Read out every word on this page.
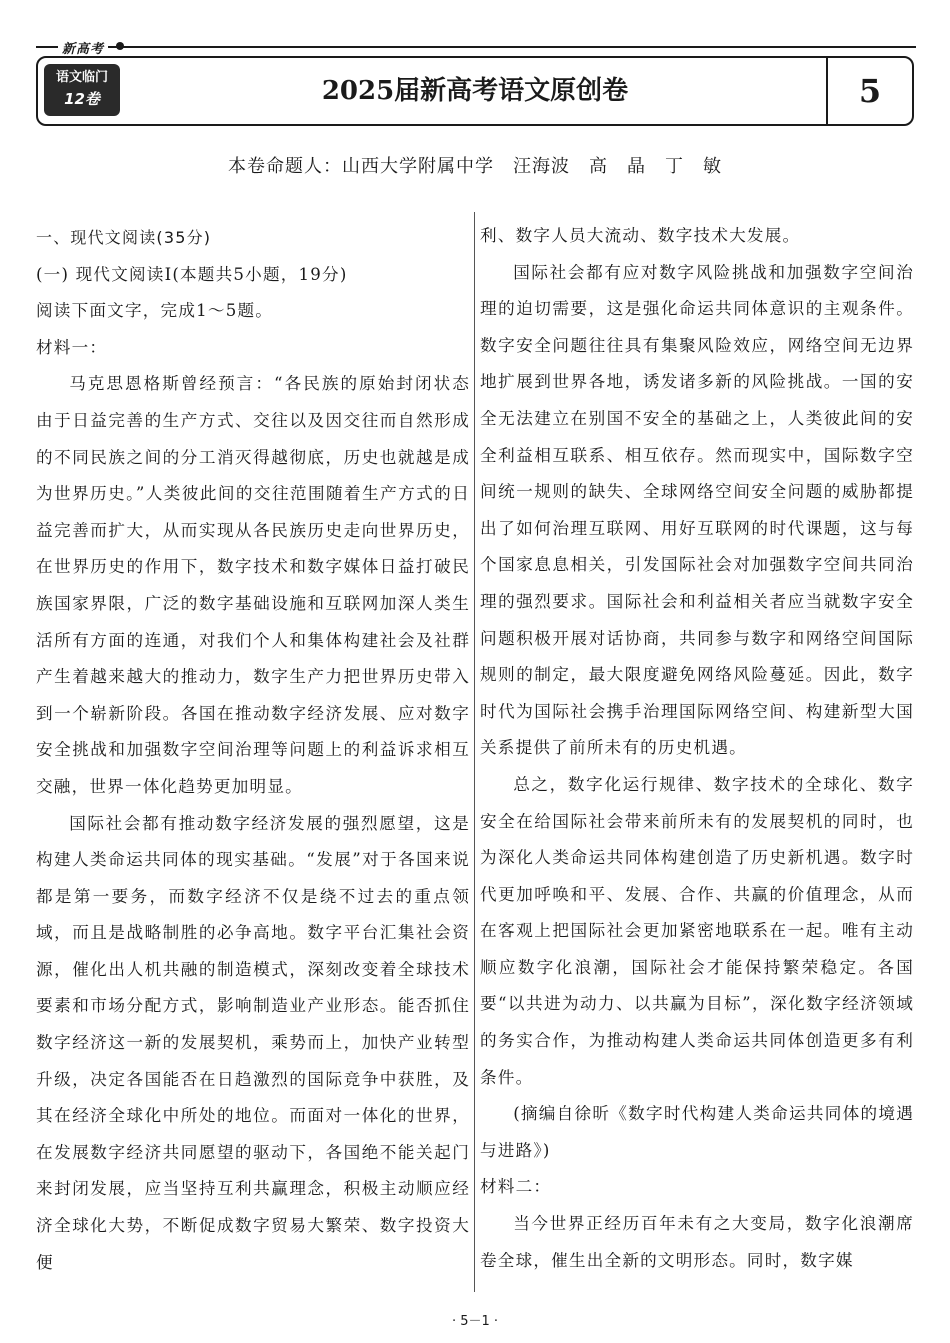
新高考
语文临门
12卷	2025届新高考语文原创卷	5
本卷命题人：山西大学附属中学　汪海波　高　晶　丁　敏

一、现代文阅读(35分)

(一) 现代文阅读Ⅰ(本题共5小题，19分)

阅读下面文字，完成1～5题。

材料一：

马克思恩格斯曾经预言：“各民族的原始封闭状态由于日益完善的生产方式、交往以及因交往而自然形成的不同民族之间的分工消灭得越彻底，历史也就越是成为世界历史。”人类彼此间的交往范围随着生产方式的日益完善而扩大，从而实现从各民族历史走向世界历史，在世界历史的作用下，数字技术和数字媒体日益打破民族国家界限，广泛的数字基础设施和互联网加深人类生活所有方面的连通，对我们个人和集体构建社会及社群产生着越来越大的推动力，数字生产力把世界历史带入到一个崭新阶段。各国在推动数字经济发展、应对数字安全挑战和加强数字空间治理等问题上的利益诉求相互交融，世界一体化趋势更加明显。

国际社会都有推动数字经济发展的强烈愿望，这是构建人类命运共同体的现实基础。“发展”对于各国来说都是第一要务，而数字经济不仅是绕不过去的重点领域，而且是战略制胜的必争高地。数字平台汇集社会资源，催化出人机共融的制造模式，深刻改变着全球技术要素和市场分配方式，影响制造业产业形态。能否抓住数字经济这一新的发展契机，乘势而上，加快产业转型升级，决定各国能否在日趋激烈的国际竞争中获胜，及其在经济全球化中所处的地位。而面对一体化的世界，在发展数字经济共同愿望的驱动下，各国绝不能关起门来封闭发展，应当坚持互利共赢理念，积极主动顺应经济全球化大势，不断促成数字贸易大繁荣、数字投资大便

利、数字人员大流动、数字技术大发展。

国际社会都有应对数字风险挑战和加强数字空间治理的迫切需要，这是强化命运共同体意识的主观条件。数字安全问题往往具有集聚风险效应，网络空间无边界地扩展到世界各地，诱发诸多新的风险挑战。一国的安全无法建立在别国不安全的基础之上，人类彼此间的安全利益相互联系、相互依存。然而现实中，国际数字空间统一规则的缺失、全球网络空间安全问题的威胁都提出了如何治理互联网、用好互联网的时代课题，这与每个国家息息相关，引发国际社会对加强数字空间共同治理的强烈要求。国际社会和利益相关者应当就数字安全问题积极开展对话协商，共同参与数字和网络空间国际规则的制定，最大限度避免网络风险蔓延。因此，数字时代为国际社会携手治理国际网络空间、构建新型大国关系提供了前所未有的历史机遇。

总之，数字化运行规律、数字技术的全球化、数字安全在给国际社会带来前所未有的发展契机的同时，也为深化人类命运共同体构建创造了历史新机遇。数字时代更加呼唤和平、发展、合作、共赢的价值理念，从而在客观上把国际社会更加紧密地联系在一起。唯有主动顺应数字化浪潮，国际社会才能保持繁荣稳定。各国要“以共进为动力、以共赢为目标”，深化数字经济领域的务实合作，为推动构建人类命运共同体创造更多有利条件。

(摘编自徐昕《数字时代构建人类命运共同体的境遇与进路》)

材料二：

当今世界正经历百年未有之大变局，数字化浪潮席卷全球，催生出全新的文明形态。同时，数字媒

· 5－1 ·
